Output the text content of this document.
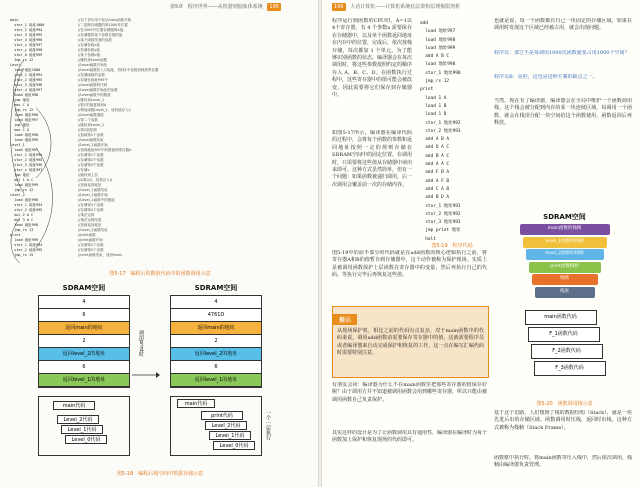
第5章 程序世界——从机器到抽象体系统 195
main
stor_1 地址1000
stor_2 地址994
stor_3 地址995
stor_4 地址996
stor_x 地址997
stor_y 地址998
stor_b 地址999
Jmp_rs 12
Level
load 地址1000
stor_1 地址994
stor_2 地址995
stor_3 地址996
stor_4 地址997
load 地址998
jmp 地址
mov C A
jmp_rs 12
load 地址996
load 地址997
jmp 地址
mov C A
load 地址998
load 地址999
Level_1
load 地址997
stor_1 地址994
stor_2 地址995
stor_3 地址996
stor_x 地址997
jmp 地址
mul 1 A C
load 地址999
jmp_rs 12
Level_2
load 地址996
stor_1 地址994
stor_2 地址995
mul 2 A C
mul 3 A C
load 地址998
jmp_rs 13
print
load 地址999
stor_1 地址994
stor_2 地址995
jmp_rs 15
//以下语句用于标记main函数开始
//二进制存储器的第1000号位置
//在1000号位置存储器的A值，
//存储器的某个参数位置的值
//某个函数传递的参数
//存储参数x值
//存储参数y值
//某个参数b值
//跳转到Level函数
//Level函数开始处
//Level函数的入口地址，将栈1中参数加载到寄存器
//存储函数的参数
//存储在地址995中
//Level函数的代码
//Level函数开始处的参数
//Level函数中的数值
//跳转到Level_1
//把C的值复制到A
//调用函数Level_1，返回值存入C
//Level函数继续
//第二个参数
//跳转到Level_2
//将C值复制
//加载第1个参数
//Level函数结束
//Level_1函数开始
//加载地址997中的数值到寄存器A
//存储第1个参数
//存储第2个参数
//存储第3个参数
//存储x
//跳转到上层
//A乘以C，结果存入A
//加载返回地址
//Level_1函数结束
//Level_2函数开始
//Level_2函数中的数值
//存储第1个参数
//存储第2个参数
//乘法运算
//乘法运算结果
//加载返回地址
//Level_2函数结束
//print函数
//print函数开始
//存储第1个参数
//存储第2个参数
//print函数结束，返回main
图5-17　编程后的数值代码中的函数调用示意
SDRAM空间
4
6
返回main的地址
2
返回level_2的地址
6
返回level_1的地址
main代码
Level_2代码
Level_1代码
Level_0代码
调用print时
SDRAM空间
4
4761D
返回main的地址
2
返回level_2的地址
6
返回level_1的地址
main代码
print代码
Level_2代码
Level_1代码
Level_0代码
一个一层执行
图5-18　编程后栈空间中数据存储示意
196 大话计算机——计算机系统底层架构原理极限剖析
程序运行到函数的CPU时，A=1以4个寄存器，有 4 个参数x 需要保存在存储器中，以及单个函数返回地址在内存中的位置，完成后，依次按栈存储，每次都加 1 个单元。为了能够识别函数的状态，编译器会在每次调用时，将这些参数按照约定的顺序存入 A、B、C、D。在函数执行过程中，这些寄存器中的值可能会被改变，因此需要将它们保存到存储器中。
如图5-17所示，编译器在编译代码的过程中，会将每个函数的参数和返回地址按照一定的规则存储在SDRAM空间中的固定位置。在调用时，只需要将这些值从存储器中读出来即可。这种方式虽然简单，但有一个问题：如果函数被递归调用，后一次调用会覆盖前一次的存储内容。
add
load 地址997
load 地址998
load 地址999
add A B C
load 地址990
stor_1 地址990
jmp_rs 12
print
load 1 A
load 1 B
load 1 D
stor_1 地址992
stor_2 地址993
add A B A
add D A C
add B A C
add A A C
add F B A
add A F B
add C A B
add B D A
stor_1 地址991
stor_2 地址992
stor_3 地址993
jmp print 地址
halt
图5-19　程序代码
图5-19中的前半部分的代码就是在add函数的核心逻辑执行之前，将寄存器A和B的值暂存到存储器中，这个动作被称为保护现场。实质上是被调用函数保护上层函数在寄存器中的变量，然后再执行自己的代码，等执行完毕后再恢复这些值。
提示
从现场保护机，相比之前的代码有点复杂，对于main函数中的代码来说，调用add函数前需要保存寄存器中的值。这就需要程序员或者编译器来自动完成保护和恢复的工作，这一点在编写汇编代码时需要特别注意。
有朋友会问：编译器为什么不在main函数里把那些寄存器的值保存好呢？由于调用方并不知道被调用函数会用到哪些寄存器，所以只能由被调用函数自己负责保护。
其实这样的设计是为了让函数调用具有通用性，编译器在编译时为每个函数加上保护和恢复现场的代码即可。
也就是说，每一个函数都有自己一块固定的存储区域，如果在调用时发现这个区域已经被占用，就会出现问题。
程序员：那岂不是每调用1000次函数就要占用1000个空间？
程序员B：是的，这也是这种方案的缺点之一。
当然，现在有了编译器，编译器会在全局中维护一个函数调用栈，这个栈会被分配到内存的某一块连续区域，每调用一个函数，就会在栈顶分配一块空间给这个函数使用，函数返回后再释放。
SDRAM空间
main函数的栈帧
level_1函数的栈帧
level_2函数的栈帧
print函数栈帧
栈帧
栈底
main函数代码
F_1函数代码
F_2函数代码
F_3函数代码
图5-20　函数调用栈示意
基于这个思路，人们想到了栈的数据结构（Stack），就是一块先进后出的存储区域。函数调用时压栈，返回时出栈，这种方式被称为栈帧（Stack Frame）。
函数框中执行时，将main函数等压入栈中，然后依次调用，栈帧由编译器负责管理。
